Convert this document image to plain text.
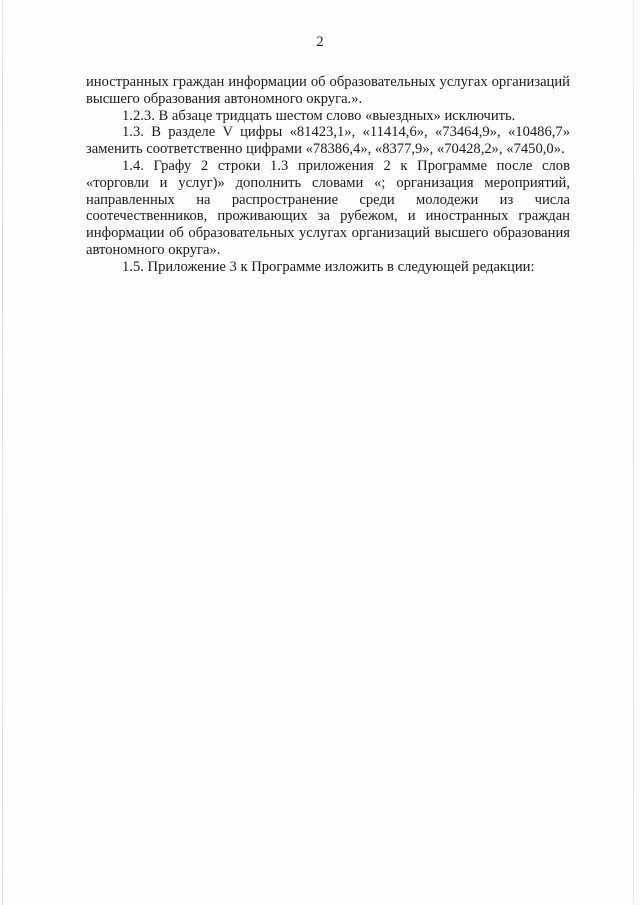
2

иностранных граждан информации об образовательных услугах организаций высшего образования автономного округа.».

1.2.3. В абзаце тридцать шестом слово «выездных» исключить.

1.3. В разделе V цифры «81423,1», «11414,6», «73464,9», «10486,7» заменить соответственно цифрами «78386,4», «8377,9», «70428,2», «7450,0».

1.4. Графу 2 строки 1.3 приложения 2 к Программе после слов «торговли и услуг)» дополнить словами «; организация мероприятий, направленных на распространение среди молодежи из числа соотечественников, проживающих за рубежом, и иностранных граждан информации об образовательных услугах организаций высшего образования автономного округа».

1.5. Приложение 3 к Программе изложить в следующей редакции:
